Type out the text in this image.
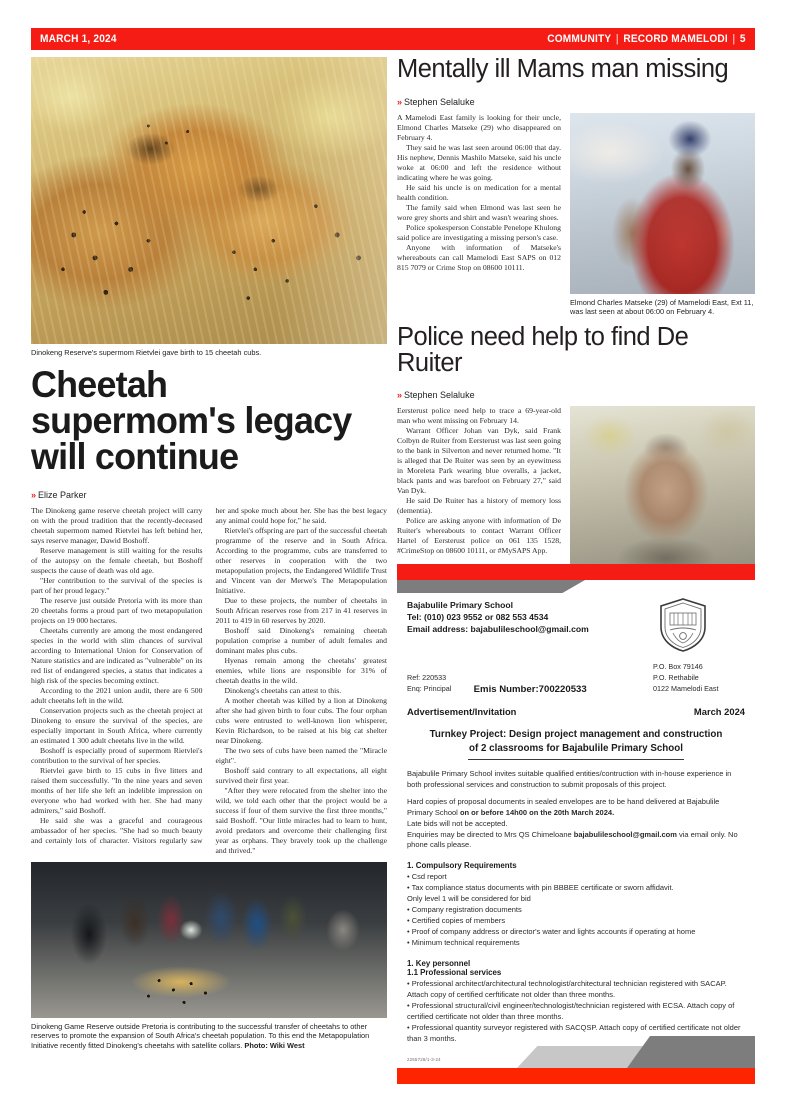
MARCH 1, 2024	COMMUNITY | RECORD MAMELODI | 5
Dinokeng Reserve's supermom Rietvlei gave birth to 15 cheetah cubs.
Cheetah supermom's legacy will continue
» Elize Parker

The Dinokeng game reserve cheetah project will carry on with the proud tradition that the recently-deceased cheetah supermom named Rietvlei has left behind her, says reserve manager, Dawid Boshoff.

Reserve management is still waiting for the results of the autopsy on the female cheetah, but Boshoff suspects the cause of death was old age.

"Her contribution to the survival of the species is part of her proud legacy."

The reserve just outside Pretoria with its more than 20 cheetahs forms a proud part of two metapopulation projects on 19 000 hectares.

Cheetahs currently are among the most endangered species in the world with slim chances of survival according to International Union for Conservation of Nature statistics and are indicated as "vulnerable" on its red list of endangered species, a status that indicates a high risk of the species becoming extinct.

According to the 2021 union audit, there are 6 500 adult cheetahs left in the wild.

Conservation projects such as the cheetah project at Dinokeng to ensure the survival of the species, are especially important in South Africa, where currently an estimated 1 300 adult cheetahs live in the wild.

Boshoff is especially proud of supermom Rietvlei's contribution to the survival of her species.

Rietvlei gave birth to 15 cubs in five litters and raised them successfully. "In the nine years and seven months of her life she left an indelible impression on everyone who had worked with her. She had many admirers," said Boshoff.

He said she was a graceful and courageous ambassador of her species. "She had so much beauty and certainly lots of character. Visitors regularly saw her and spoke much about her. She has the best legacy any animal could hope for," he said.

Rietvlei's offspring are part of the successful cheetah programme of the reserve and in South Africa. According to the programme, cubs are transferred to other reserves in cooperation with the two metapopulation projects, the Endangered Wildlife Trust and Vincent van der Merwe's The Metapopulation Initiative.

Due to these projects, the number of cheetahs in South African reserves rose from 217 in 41 reserves in 2011 to 419 in 60 reserves by 2020.

Boshoff said Dinokeng's remaining cheetah population comprise a number of adult females and dominant males plus cubs.

Hyenas remain among the cheetahs' greatest enemies, while lions are responsible for 31% of cheetah deaths in the wild.

Dinokeng's cheetahs can attest to this.

A mother cheetah was killed by a lion at Dinokeng after she had given birth to four cubs. The four orphan cubs were entrusted to well-known lion whisperer, Kevin Richardson, to be raised at his big cat shelter near Dinokeng.

The two sets of cubs have been named the "Miracle eight".

Boshoff said contrary to all expectations, all eight survived their first year.

"After they were relocated from the shelter into the wild, we told each other that the project would be a success if four of them survive the first three months," said Boshoff. "Our little miracles had to learn to hunt, avoid predators and overcome their challenging first year as orphans. They bravely took up the challenge and thrived."

Dinokeng Game Reserve outside Pretoria is contributing to the successful transfer of cheetahs to other reserves to promote the expansion of South Africa's cheetah population. To this end the Metapopulation Initiative recently fitted Dinokeng's cheetahs with satellite collars. Photo: Wiki West
Mentally ill Mams man missing
» Stephen Selaluke

A Mamelodi East family is looking for their uncle, Elmond Charles Matseke (29) who disappeared on February 4.

They said he was last seen around 06:00 that day. His nephew, Dennis Mashilo Matseke, said his uncle woke at 06:00 and left the residence without indicating where he was going.

He said his uncle is on medication for a mental health condition.

The family said when Elmond was last seen he wore grey shorts and shirt and wasn't wearing shoes.

Police spokesperson Constable Penelope Khulong said police are investigating a missing person's case.

Anyone with information of Matseke's whereabouts can call Mamelodi East SAPS on 012 815 7079 or Crime Stop on 08600 10111.

Elmond Charles Matseke (29) of Mamelodi East, Ext 11, was last seen at about 06:00 on February 4.
Police need help to find De Ruiter
» Stephen Selaluke

Eersterust police need help to trace a 69-year-old man who went missing on February 14.

Warrant Officer Johan van Dyk, said Frank Colbyn de Ruiter from Eersterust was last seen going to the bank in Silverton and never returned home. "It is alleged that De Ruiter was seen by an eyewitness in Moreleta Park wearing blue overalls, a jacket, black pants and was barefoot on February 27," said Van Dyk.

He said De Ruiter has a history of memory loss (dementia).

Police are asking anyone with information of De Ruiter's whereabouts to contact Warrant Officer Hartel of Eersterust police on 061 135 1528, #CrimeStop on 08600 10111, or #MySAPS App.

Bajabulile Primary School
Tel: (010) 023 9552 or 082 553 4534
Email address: bajabulileschool@gmail.com
Ref: 220533
Enq: Principal Emis Number:700220533
P.O. Box 79146
P.O. Rethabile
0122 Mamelodi East
Advertisement/Invitation	March 2024
Turnkey Project: Design project management and construction
of 2 classrooms for Bajabulile Primary School
Bajabulile Primary School invites suitable qualified entities/contruction with in-house experience in both professional services and construction to submit proposals of this project.
Hard copies of proposal documents in sealed envelopes are to be hand delivered at Bajabulile Primary School on or before 14h00 on the 20th March 2024.
Late bids will not be accepted.
Enquiries may be directed to Mrs QS Chimeloane bajabulileschool@gmail.com via email only. No phone calls please.
1. Compulsory Requirements
• Csd report
• Tax compliance status documents with pin BBBEE certificate or sworn affidavit.
Only level 1 will be considered for bid
• Company registration documents
• Certified copies of members
• Proof of company address or director's water and lights accounts if operating at home
• Minimum technical requirements
1. Key personnel
1.1 Professional services
• Professional architect/architectural technologist/architectural technician registered with SACAP. Attach copy of certified cerftificate not older than three months.
• Professional structural/civil engineer/technologist/technician registered with ECSA. Attach copy of certified certificate not older than three months.
• Professional quantity surveyor registered with SACQSP. Attach copy of certified certificate not older than 3 months.
2255728/1-3-24
